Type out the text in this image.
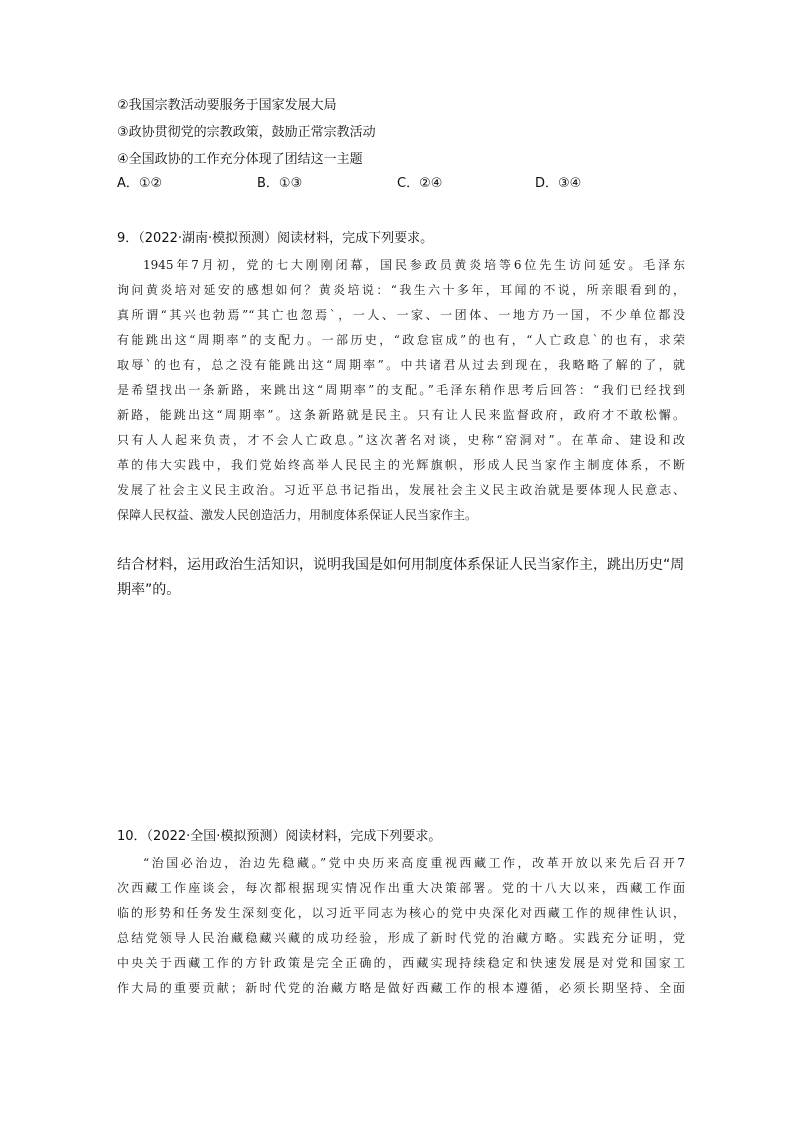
②我国宗教活动要服务于国家发展大局
③政协贯彻党的宗教政策，鼓励正常宗教活动
④全国政协的工作充分体现了团结这一主题
A．①②	B．①③	C．②④	D．③④
9．（2022·湖南·模拟预测）阅读材料，完成下列要求。
1945年7月初，党的七大刚刚闭幕，国民参政员黄炎培等6位先生访问延安。毛泽东
询问黄炎培对延安的感想如何？黄炎培说：“我生六十多年，耳闻的不说，所亲眼看到的，
真所谓“其兴也勃焉”“其亡也忽焉`，一人、一家、一团体、一地方乃一国，不少单位都没
有能跳出这“周期率”的支配力。一部历史，“政怠宦成”的也有，“人亡政息`的也有，求荣
取辱`的也有，总之没有能跳出这“周期率”。中共诸君从过去到现在，我略略了解的了，就
是希望找出一条新路，来跳出这“周期率”的支配。”毛泽东稍作思考后回答：“我们已经找到
新路，能跳出这“周期率”。这条新路就是民主。只有让人民来监督政府，政府才不敢松懈。
只有人人起来负责，才不会人亡政息。”这次著名对谈，史称“窑洞对”。在革命、建设和改
革的伟大实践中，我们党始终高举人民民主的光辉旗帜，形成人民当家作主制度体系，不断
发展了社会主义民主政治。习近平总书记指出，发展社会主义民主政治就是要体现人民意志、
保障人民权益、激发人民创造活力，用制度体系保证人民当家作主。
结合材料，运用政治生活知识，说明我国是如何用制度体系保证人民当家作主，跳出历史“周
期率”的。
10．（2022·全国·模拟预测）阅读材料，完成下列要求。
“治国必治边，治边先稳藏。”党中央历来高度重视西藏工作，改革开放以来先后召开7
次西藏工作座谈会，每次都根据现实情况作出重大决策部署。党的十八大以来，西藏工作面
临的形势和任务发生深刻变化，以习近平同志为核心的党中央深化对西藏工作的规律性认识，
总结党领导人民治藏稳藏兴藏的成功经验，形成了新时代党的治藏方略。实践充分证明，党
中央关于西藏工作的方针政策是完全正确的，西藏实现持续稳定和快速发展是对党和国家工
作大局的重要贡献；新时代党的治藏方略是做好西藏工作的根本遵循，必须长期坚持、全面
